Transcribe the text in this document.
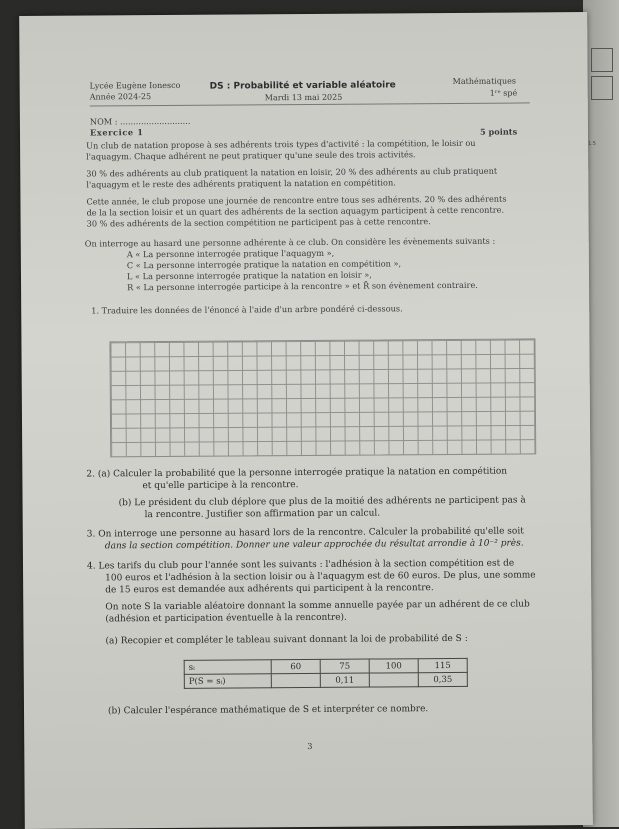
Lycée Eugène Ionesco
Année 2024-25
DS : Probabilité et variable aléatoire
Mardi 13 mai 2025
Mathématiques
1ʳᵉ spé
NOM : ...........................
Exercice 1	5 points
Un club de natation propose à ses adhérents trois types d'activité : la compétition, le loisir ou
l'aquagym. Chaque adhérent ne peut pratiquer qu'une seule des trois activités.
30 % des adhérents au club pratiquent la natation en loisir, 20 % des adhérents au club pratiquent
l'aquagym et le reste des adhérents pratiquent la natation en compétition.
Cette année, le club propose une journée de rencontre entre tous ses adhérents. 20 % des adhérents
de la la section loisir et un quart des adhérents de la section aquagym participent à cette rencontre.
30 % des adhérents de la section compétition ne participent pas à cette rencontre.
On interroge au hasard une personne adhérente à ce club. On considère les évènements suivants :
A « La personne interrogée pratique l'aquagym »,
C « La personne interrogée pratique la natation en compétition »,
L « La personne interrogée pratique la natation en loisir »,
R « La personne interrogée participe à la rencontre » et R̄ son évènement contraire.
1. Traduire les données de l'énoncé à l'aide d'un arbre pondéré ci-dessous.
2. (a) Calculer la probabilité que la personne interrogée pratique la natation en compétition
et qu'elle participe à la rencontre.
(b) Le président du club déplore que plus de la moitié des adhérents ne participent pas à
la rencontre. Justifier son affirmation par un calcul.
3. On interroge une personne au hasard lors de la rencontre. Calculer la probabilité qu'elle soit
dans la section compétition. Donner une valeur approchée du résultat arrondie à 10⁻² près.
4. Les tarifs du club pour l'année sont les suivants : l'adhésion à la section compétition est de
100 euros et l'adhésion à la section loisir ou à l'aquagym est de 60 euros. De plus, une somme
de 15 euros est demandée aux adhérents qui participent à la rencontre.
On note S la variable aléatoire donnant la somme annuelle payée par un adhérent de ce club
(adhésion et participation éventuelle à la rencontre).
(a) Recopier et compléter le tableau suivant donnant la loi de probabilité de S :
sᵢ	60	75	100	115
P(S = sᵢ)		0,11		0,35
(b) Calculer l'espérance mathématique de S et interpréter ce nombre.
3
1.5
